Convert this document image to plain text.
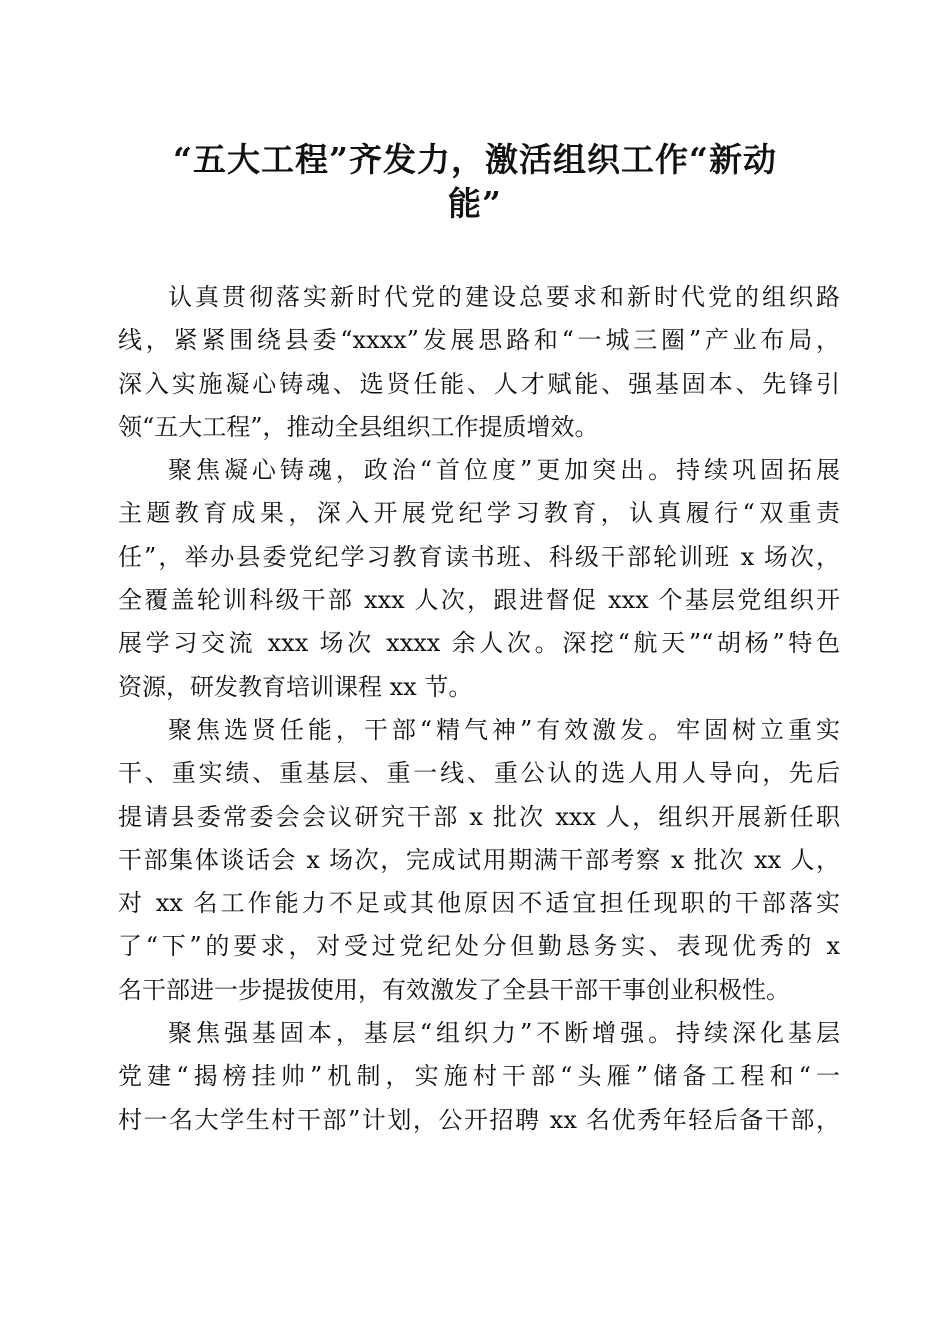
“五大工程”齐发力，激活组织工作“新动
能”
认真贯彻落实新时代党的建设总要求和新时代党的组织路
线，紧紧围绕县委“xxxx”发展思路和“一城三圈”产业布局，
深入实施凝心铸魂、选贤任能、人才赋能、强基固本、先锋引
领“五大工程”，推动全县组织工作提质增效。
聚焦凝心铸魂，政治“首位度”更加突出。持续巩固拓展
主题教育成果，深入开展党纪学习教育，认真履行“双重责
任”，举办县委党纪学习教育读书班、科级干部轮训班 x 场次，
全覆盖轮训科级干部 xxx 人次，跟进督促 xxx 个基层党组织开
展学习交流 xxx 场次 xxxx 余人次。深挖“航天”“胡杨”特色
资源，研发教育培训课程 xx 节。
聚焦选贤任能，干部“精气神”有效激发。牢固树立重实
干、重实绩、重基层、重一线、重公认的选人用人导向，先后
提请县委常委会会议研究干部 x 批次 xxx 人，组织开展新任职
干部集体谈话会 x 场次，完成试用期满干部考察 x 批次 xx 人，
对 xx 名工作能力不足或其他原因不适宜担任现职的干部落实
了“下”的要求，对受过党纪处分但勤恳务实、表现优秀的 x
名干部进一步提拔使用，有效激发了全县干部干事创业积极性。
聚焦强基固本，基层“组织力”不断增强。持续深化基层
党建“揭榜挂帅”机制，实施村干部“头雁”储备工程和“一
村一名大学生村干部”计划，公开招聘 xx 名优秀年轻后备干部，
